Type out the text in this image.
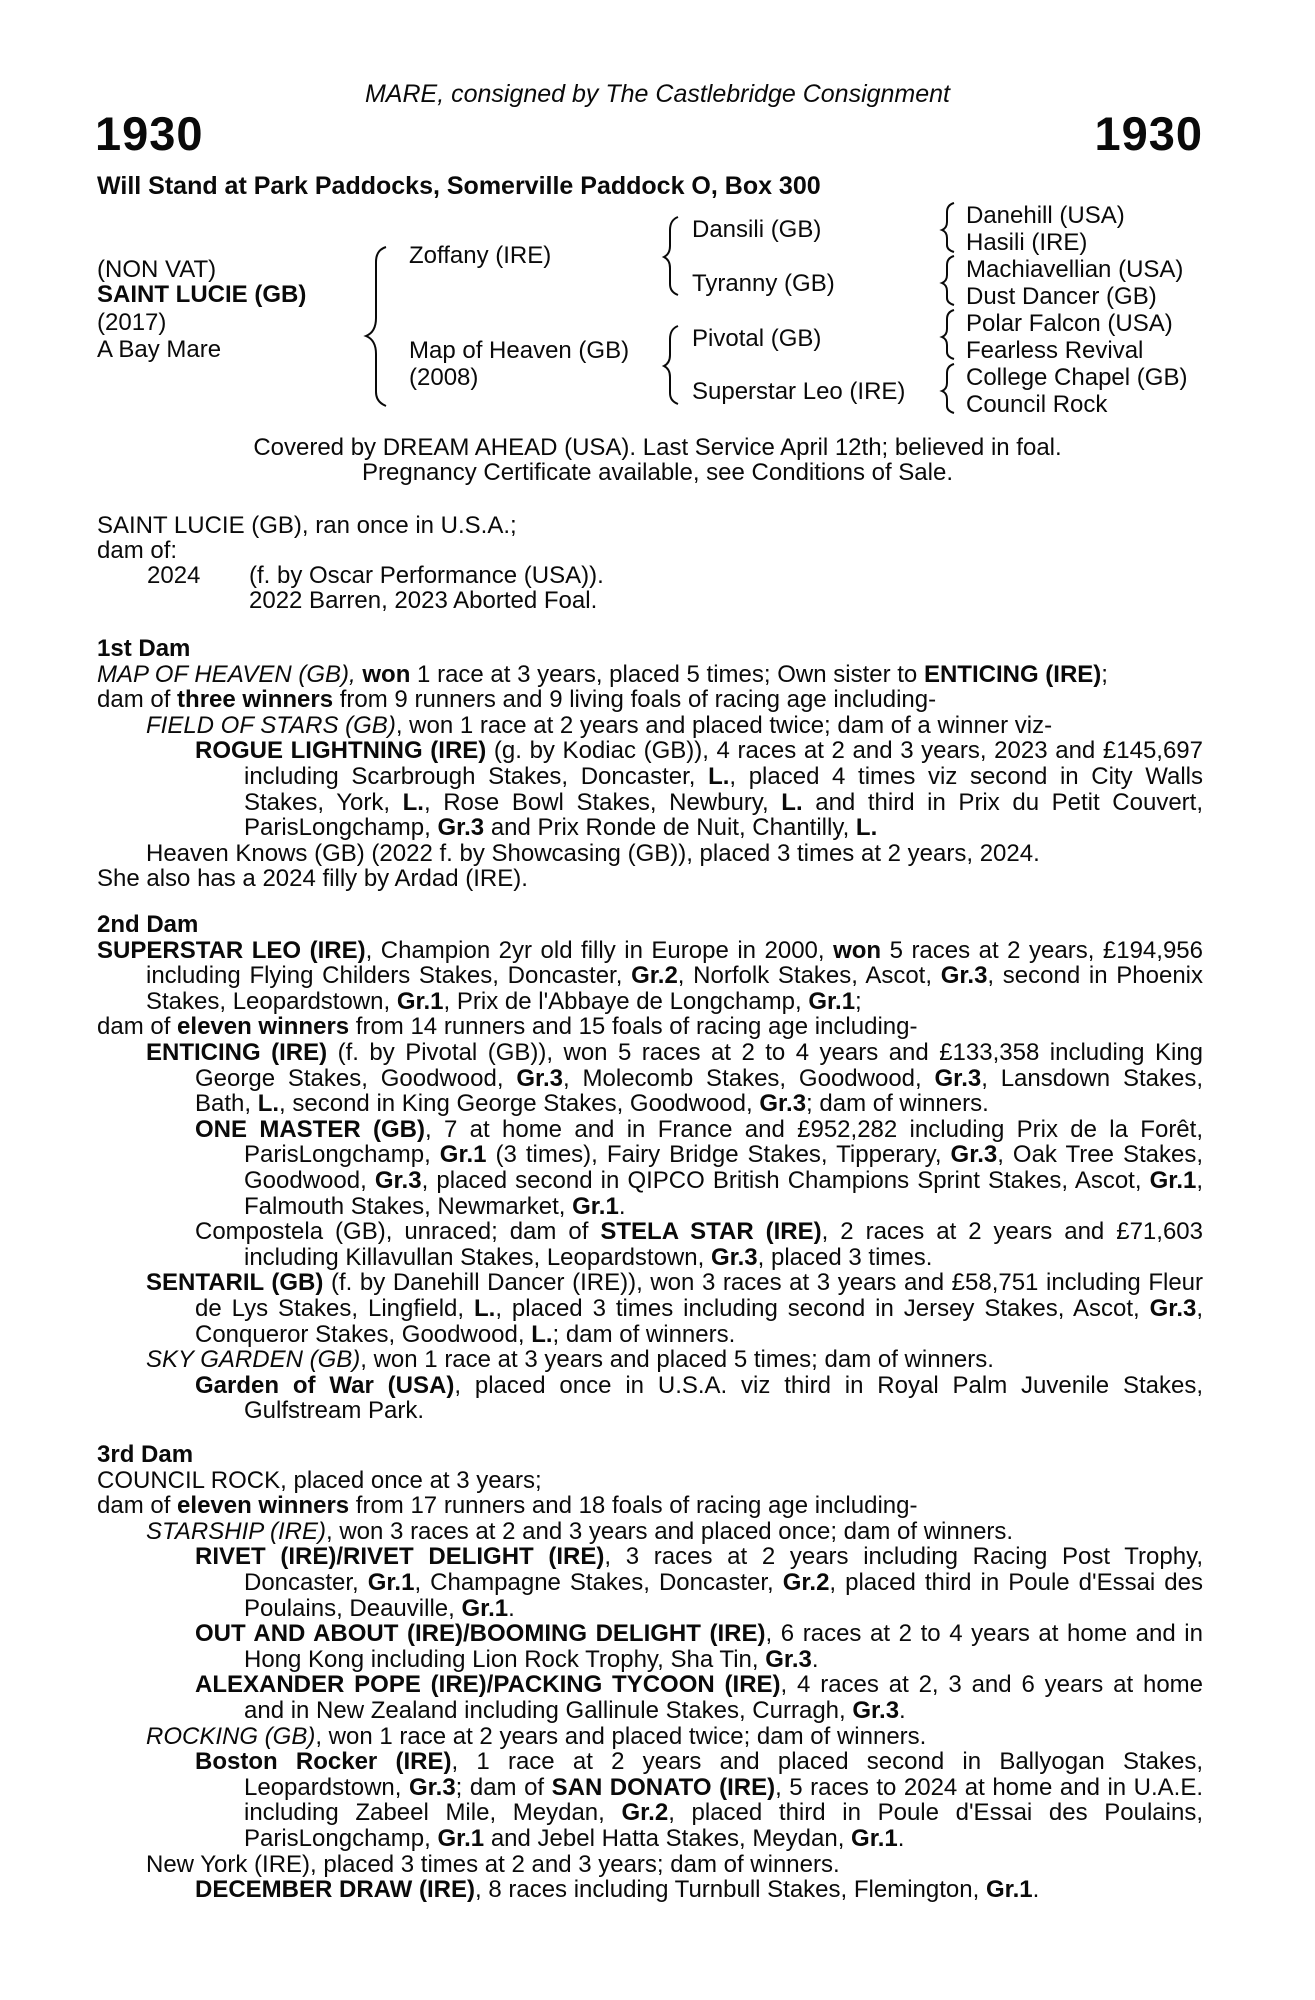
MARE, consigned by The Castlebridge Consignment
1930	1930
Will Stand at Park Paddocks, Somerville Paddock O, Box 300
(NON VAT)
SAINT LUCIE (GB)
(2017)
A Bay Mare
Zoffany (IRE)
Map of Heaven (GB)
(2008)
Dansili (GB)
Tyranny (GB)
Pivotal (GB)
Superstar Leo (IRE)
Danehill (USA)
Hasili (IRE)
Machiavellian (USA)
Dust Dancer (GB)
Polar Falcon (USA)
Fearless Revival
College Chapel (GB)
Council Rock
Covered by DREAM AHEAD (USA). Last Service April 12th; believed in foal.
Pregnancy Certificate available, see Conditions of Sale.
SAINT LUCIE (GB), ran once in U.S.A.;
dam of:
2024 (f. by Oscar Performance (USA)).
2022 Barren, 2023 Aborted Foal.

1st Dam

MAP OF HEAVEN (GB), won 1 race at 3 years, placed 5 times; Own sister to ENTICING (IRE);

dam of three winners from 9 runners and 9 living foals of racing age including-

FIELD OF STARS (GB), won 1 race at 2 years and placed twice; dam of a winner viz-

ROGUE LIGHTNING (IRE) (g. by Kodiac (GB)), 4 races at 2 and 3 years, 2023 and £145,697 including Scarbrough Stakes, Doncaster, L., placed 4 times viz second in City Walls Stakes, York, L., Rose Bowl Stakes, Newbury, L. and third in Prix du Petit Couvert, ParisLongchamp, Gr.3 and Prix Ronde de Nuit, Chantilly, L.

Heaven Knows (GB) (2022 f. by Showcasing (GB)), placed 3 times at 2 years, 2024.

She also has a 2024 filly by Ardad (IRE).

2nd Dam

SUPERSTAR LEO (IRE), Champion 2yr old filly in Europe in 2000, won 5 races at 2 years, £194,956 including Flying Childers Stakes, Doncaster, Gr.2, Norfolk Stakes, Ascot, Gr.3, second in Phoenix Stakes, Leopardstown, Gr.1, Prix de l'Abbaye de Longchamp, Gr.1;

dam of eleven winners from 14 runners and 15 foals of racing age including-

ENTICING (IRE) (f. by Pivotal (GB)), won 5 races at 2 to 4 years and £133,358 including King George Stakes, Goodwood, Gr.3, Molecomb Stakes, Goodwood, Gr.3, Lansdown Stakes, Bath, L., second in King George Stakes, Goodwood, Gr.3; dam of winners.

ONE MASTER (GB), 7 at home and in France and £952,282 including Prix de la Forêt, ParisLongchamp, Gr.1 (3 times), Fairy Bridge Stakes, Tipperary, Gr.3, Oak Tree Stakes, Goodwood, Gr.3, placed second in QIPCO British Champions Sprint Stakes, Ascot, Gr.1, Falmouth Stakes, Newmarket, Gr.1.

Compostela (GB), unraced; dam of STELA STAR (IRE), 2 races at 2 years and £71,603 including Killavullan Stakes, Leopardstown, Gr.3, placed 3 times.

SENTARIL (GB) (f. by Danehill Dancer (IRE)), won 3 races at 3 years and £58,751 including Fleur de Lys Stakes, Lingfield, L., placed 3 times including second in Jersey Stakes, Ascot, Gr.3, Conqueror Stakes, Goodwood, L.; dam of winners.

SKY GARDEN (GB), won 1 race at 3 years and placed 5 times; dam of winners.

Garden of War (USA), placed once in U.S.A. viz third in Royal Palm Juvenile Stakes, Gulfstream Park.

3rd Dam

COUNCIL ROCK, placed once at 3 years;

dam of eleven winners from 17 runners and 18 foals of racing age including-

STARSHIP (IRE), won 3 races at 2 and 3 years and placed once; dam of winners.

RIVET (IRE)/RIVET DELIGHT (IRE), 3 races at 2 years including Racing Post Trophy, Doncaster, Gr.1, Champagne Stakes, Doncaster, Gr.2, placed third in Poule d'Essai des Poulains, Deauville, Gr.1.

OUT AND ABOUT (IRE)/BOOMING DELIGHT (IRE), 6 races at 2 to 4 years at home and in Hong Kong including Lion Rock Trophy, Sha Tin, Gr.3.

ALEXANDER POPE (IRE)/PACKING TYCOON (IRE), 4 races at 2, 3 and 6 years at home and in New Zealand including Gallinule Stakes, Curragh, Gr.3.

ROCKING (GB), won 1 race at 2 years and placed twice; dam of winners.

Boston Rocker (IRE), 1 race at 2 years and placed second in Ballyogan Stakes, Leopardstown, Gr.3; dam of SAN DONATO (IRE), 5 races to 2024 at home and in U.A.E. including Zabeel Mile, Meydan, Gr.2, placed third in Poule d'Essai des Poulains, ParisLongchamp, Gr.1 and Jebel Hatta Stakes, Meydan, Gr.1.

New York (IRE), placed 3 times at 2 and 3 years; dam of winners.

DECEMBER DRAW (IRE), 8 races including Turnbull Stakes, Flemington, Gr.1.
